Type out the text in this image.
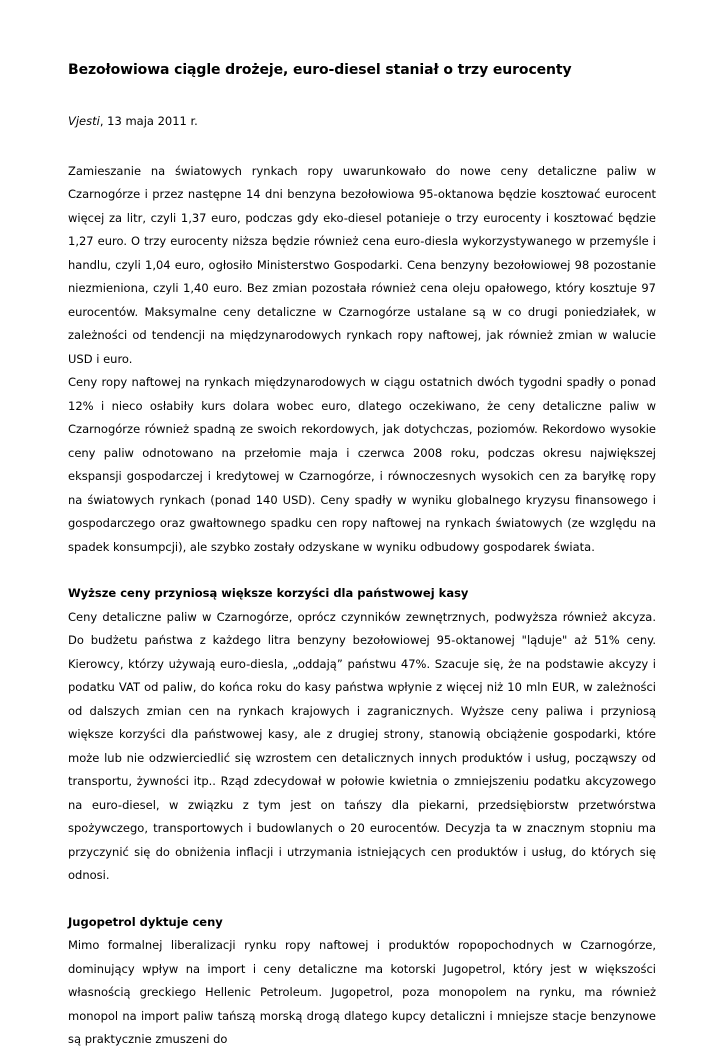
Bezołowiowa ciągle drożeje, euro-diesel staniał o trzy eurocenty
Vjesti, 13 maja 2011 r.

Zamieszanie na światowych rynkach ropy uwarunkowało do nowe ceny detaliczne paliw w Czarnogórze i przez następne 14 dni benzyna bezołowiowa 95-oktanowa będzie kosztować eurocent więcej za litr, czyli 1,37 euro, podczas gdy eko-diesel potanieje o trzy eurocenty i kosztować będzie 1,27 euro. O trzy eurocenty niższa będzie również cena euro-diesla wykorzystywanego w przemyśle i handlu, czyli 1,04 euro, ogłosiło Ministerstwo Gospodarki. Cena benzyny bezołowiowej 98 pozostanie niezmieniona, czyli 1,40 euro. Bez zmian pozostała również cena oleju opałowego, który kosztuje 97 eurocentów. Maksymalne ceny detaliczne w Czarnogórze ustalane są w co drugi poniedziałek, w zależności od tendencji na międzynarodowych rynkach ropy naftowej, jak również zmian w walucie USD i euro.

Ceny ropy naftowej na rynkach międzynarodowych w ciągu ostatnich dwóch tygodni spadły o ponad 12% i nieco osłabiły kurs dolara wobec euro, dlatego oczekiwano, że ceny detaliczne paliw w Czarnogórze również spadną ze swoich rekordowych, jak dotychczas, poziomów. Rekordowo wysokie ceny paliw odnotowano na przełomie maja i czerwca 2008 roku, podczas okresu największej ekspansji gospodarczej i kredytowej w Czarnogórze, i równoczesnych wysokich cen za baryłkę ropy na światowych rynkach (ponad 140 USD). Ceny spadły w wyniku globalnego kryzysu finansowego i gospodarczego oraz gwałtownego spadku cen ropy naftowej na rynkach światowych (ze względu na spadek konsumpcji), ale szybko zostały odzyskane w wyniku odbudowy gospodarek świata.

Wyższe ceny przyniosą większe korzyści dla państwowej kasy

Ceny detaliczne paliw w Czarnogórze, oprócz czynników zewnętrznych, podwyższa również akcyza. Do budżetu państwa z każdego litra benzyny bezołowiowej 95-oktanowej "ląduje" aż 51% ceny. Kierowcy, którzy używają euro-diesla, „oddają” państwu 47%. Szacuje się, że na podstawie akcyzy i podatku VAT od paliw, do końca roku do kasy państwa wpłynie z więcej niż 10 mln EUR, w zależności od dalszych zmian cen na rynkach krajowych i zagranicznych. Wyższe ceny paliwa i przyniosą większe korzyści dla państwowej kasy, ale z drugiej strony, stanowią obciążenie gospodarki, które może lub nie odzwierciedlić się wzrostem cen detalicznych innych produktów i usług, począwszy od transportu, żywności itp.. Rząd zdecydował w połowie kwietnia o zmniejszeniu podatku akcyzowego na euro-diesel, w związku z tym jest on tańszy dla piekarni, przedsiębiorstw przetwórstwa spożywczego, transportowych i budowlanych o 20 eurocentów. Decyzja ta w znacznym stopniu ma przyczynić się do obniżenia inflacji i utrzymania istniejących cen produktów i usług, do których się odnosi.

Jugopetrol dyktuje ceny

Mimo formalnej liberalizacji rynku ropy naftowej i produktów ropopochodnych w Czarnogórze, dominujący wpływ na import i ceny detaliczne ma kotorski Jugopetrol, który jest w większości własnością greckiego Hellenic Petroleum. Jugopetrol, poza monopolem na rynku, ma również monopol na import paliw tańszą morską drogą dlatego kupcy detaliczni i mniejsze stacje benzynowe są praktycznie zmuszeni do
